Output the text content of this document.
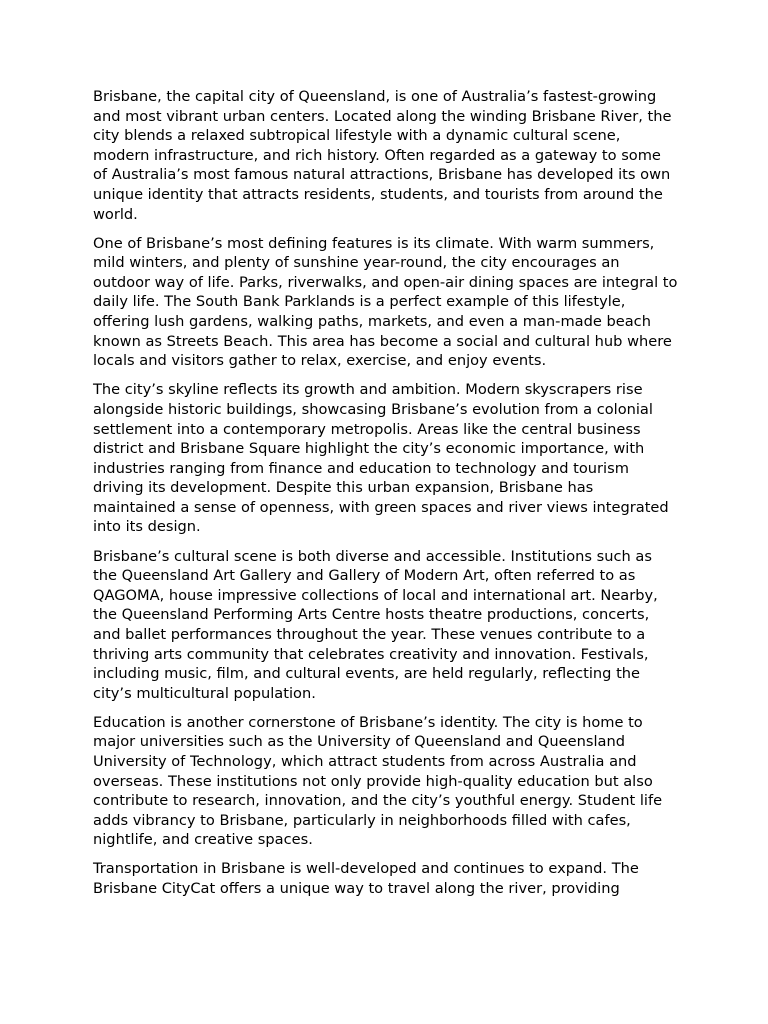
Brisbane, the capital city of Queensland, is one of Australia’s fastest-growing and most vibrant urban centers. Located along the winding Brisbane River, the city blends a relaxed subtropical lifestyle with a dynamic cultural scene, modern infrastructure, and rich history. Often regarded as a gateway to some of Australia’s most famous natural attractions, Brisbane has developed its own unique identity that attracts residents, students, and tourists from around the world.

One of Brisbane’s most defining features is its climate. With warm summers, mild winters, and plenty of sunshine year-round, the city encourages an outdoor way of life. Parks, riverwalks, and open-air dining spaces are integral to daily life. The South Bank Parklands is a perfect example of this lifestyle, offering lush gardens, walking paths, markets, and even a man-made beach known as Streets Beach. This area has become a social and cultural hub where locals and visitors gather to relax, exercise, and enjoy events.

The city’s skyline reflects its growth and ambition. Modern skyscrapers rise alongside historic buildings, showcasing Brisbane’s evolution from a colonial settlement into a contemporary metropolis. Areas like the central business district and Brisbane Square highlight the city’s economic importance, with industries ranging from finance and education to technology and tourism driving its development. Despite this urban expansion, Brisbane has maintained a sense of openness, with green spaces and river views integrated into its design.

Brisbane’s cultural scene is both diverse and accessible. Institutions such as the Queensland Art Gallery and Gallery of Modern Art, often referred to as QAGOMA, house impressive collections of local and international art. Nearby, the Queensland Performing Arts Centre hosts theatre productions, concerts, and ballet performances throughout the year. These venues contribute to a thriving arts community that celebrates creativity and innovation. Festivals, including music, film, and cultural events, are held regularly, reflecting the city’s multicultural population.

Education is another cornerstone of Brisbane’s identity. The city is home to major universities such as the University of Queensland and Queensland University of Technology, which attract students from across Australia and overseas. These institutions not only provide high-quality education but also contribute to research, innovation, and the city’s youthful energy. Student life adds vibrancy to Brisbane, particularly in neighborhoods filled with cafes, nightlife, and creative spaces.

Transportation in Brisbane is well-developed and continues to expand. The Brisbane CityCat offers a unique way to travel along the river, providing
